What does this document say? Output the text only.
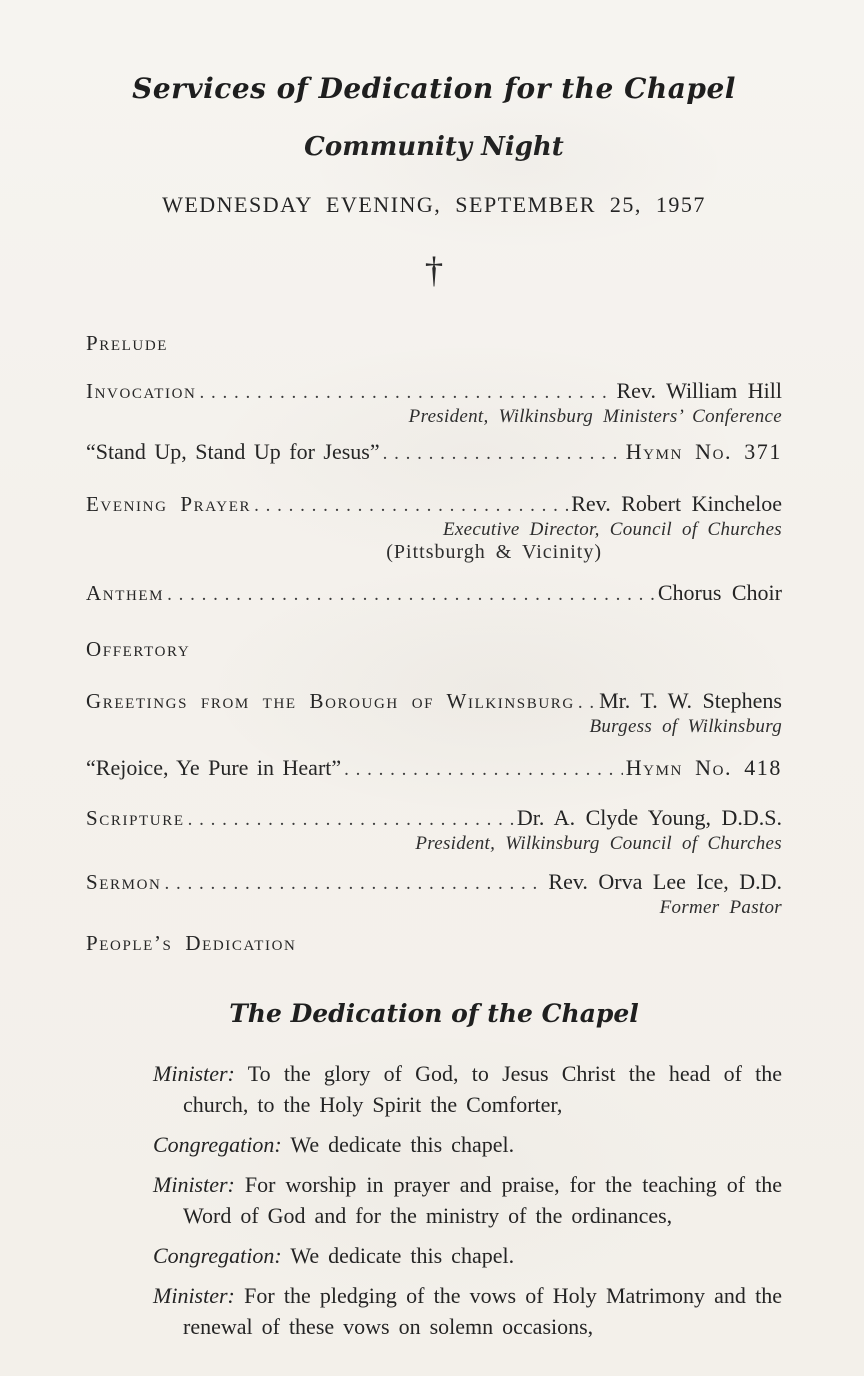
Services of Dedication for the Chapel
Community Night
WEDNESDAY EVENING, SEPTEMBER 25, 1957
†
Prelude
Invocation . . .	Rev. William Hill
President, Wilkinsburg Ministers’ Conference
“Stand Up, Stand Up for Jesus” . . .	Hymn No. 371
Evening Prayer . . .	Rev. Robert Kincheloe
Executive Director, Council of Churches
(Pittsburgh & Vicinity)
Anthem . . .	Chorus Choir
Offertory
Greetings from the Borough of Wilkinsburg . . . Mr. T. W. Stephens
Burgess of Wilkinsburg
“Rejoice, Ye Pure in Heart” . . .	Hymn No. 418
Scripture . . .	Dr. A. Clyde Young, D.D.S.
President, Wilkinsburg Council of Churches
Sermon . . .	Rev. Orva Lee Ice, D.D.
Former Pastor
People’s Dedication
The Dedication of the Chapel

Minister: To the glory of God, to Jesus Christ the head of the church, to the Holy Spirit the Comforter,

Congregation: We dedicate this chapel.

Minister: For worship in prayer and praise, for the teaching of the Word of God and for the ministry of the ordinances,

Congregation: We dedicate this chapel.

Minister: For the pledging of the vows of Holy Matrimony and the renewal of these vows on solemn occasions,
